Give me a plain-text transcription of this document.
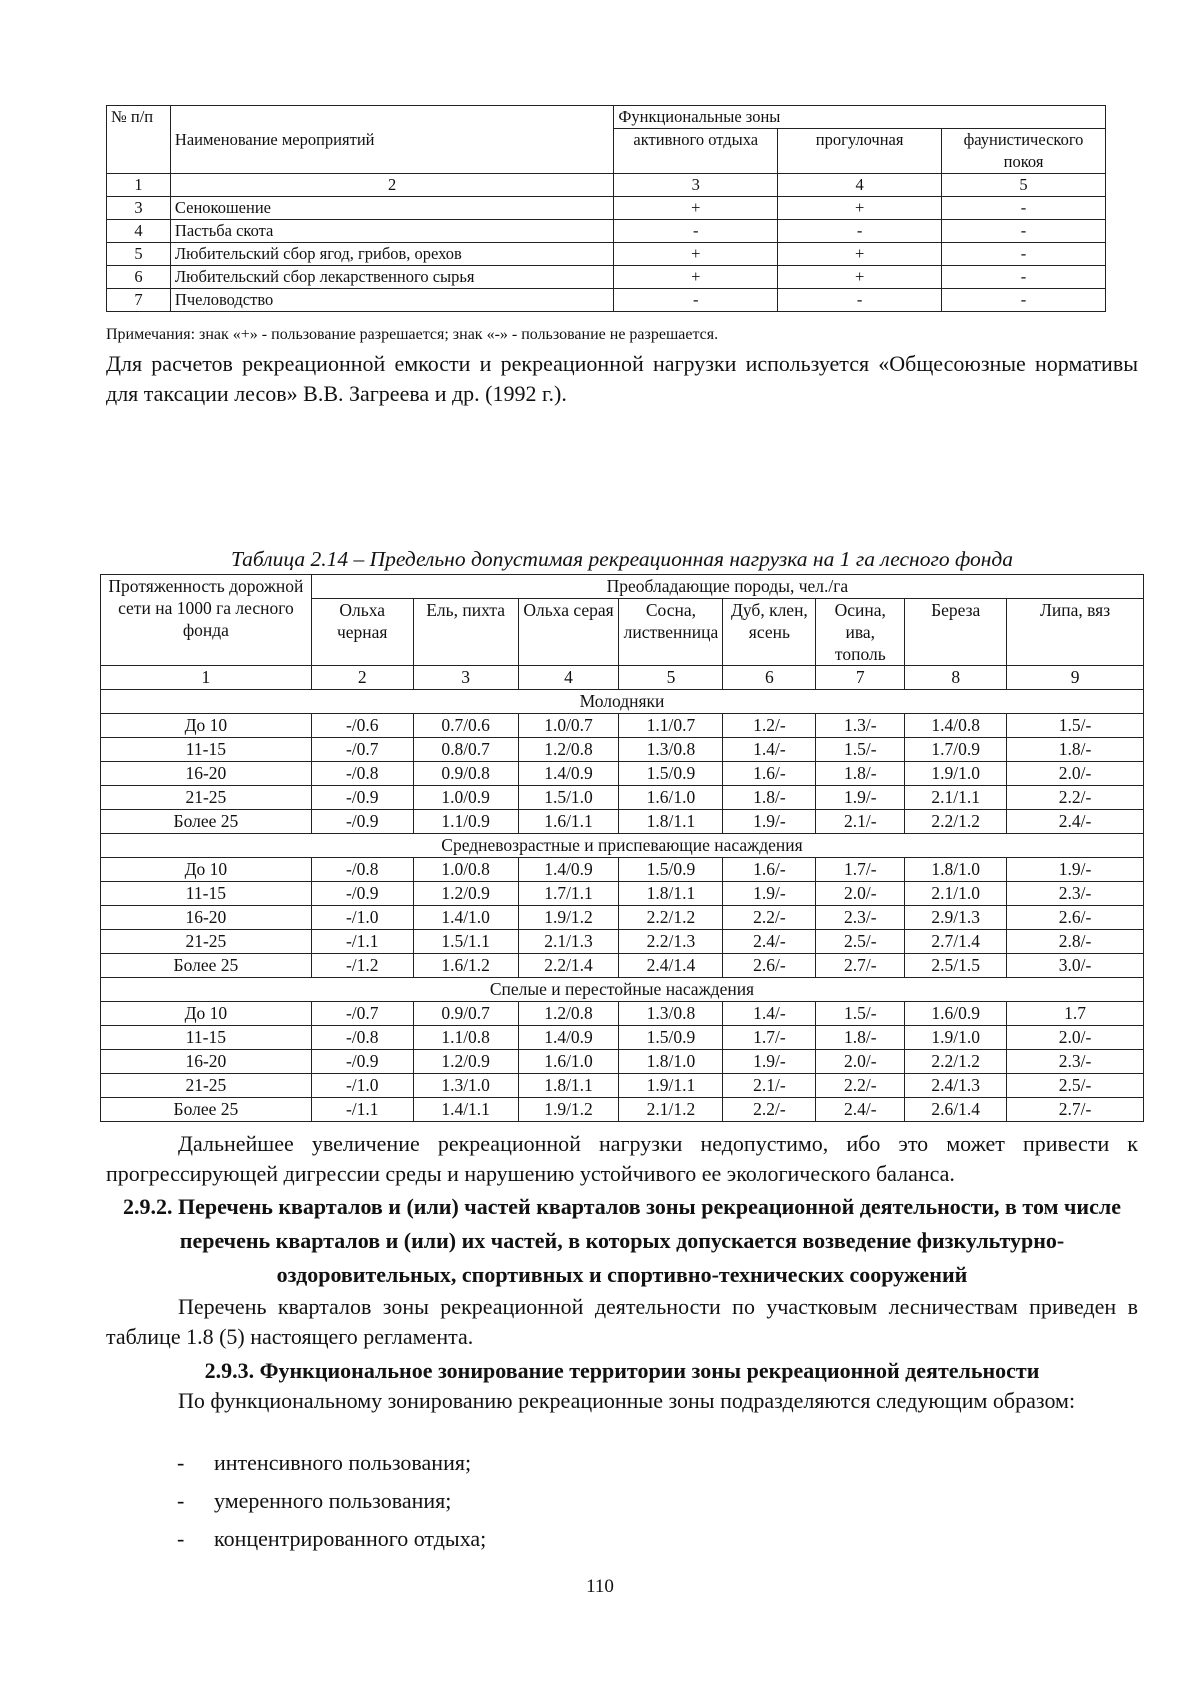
№ п/п	Наименование мероприятий	Функциональные зоны		
		активного отдыха	прогулочная	фаунистического покоя
1	2	3	4	5
3	Сенокошение	+	+	-
4	Пастьба скота	-	-	-
5	Любительский сбор ягод, грибов, орехов	+	+	-
6	Любительский сбор лекарственного сырья	+	+	-
7	Пчеловодство	-	-	-

Примечания: знак «+» - пользование разрешается; знак «-» - пользование не разрешается.

Для расчетов рекреационной емкости и рекреационной нагрузки используется «Общесоюзные нормативы для таксации лесов» В.В. Загреева и др. (1992 г.).

Таблица 2.14 – Предельно допустимая рекреационная нагрузка на 1 га лесного фонда

Протяженность дорожной сети на 1000 га лесного фонда	Преобладающие породы, чел./га							
	Ольха черная	Ель, пихта	Ольха серая	Сосна, лиственница	Дуб, клен, ясень	Осина, ива, тополь	Береза	Липа, вяз
1	2	3	4	5	6	7	8	9
Молодняки								
До 10	-/0.6	0.7/0.6	1.0/0.7	1.1/0.7	1.2/-	1.3/-	1.4/0.8	1.5/-
11-15	-/0.7	0.8/0.7	1.2/0.8	1.3/0.8	1.4/-	1.5/-	1.7/0.9	1.8/-
16-20	-/0.8	0.9/0.8	1.4/0.9	1.5/0.9	1.6/-	1.8/-	1.9/1.0	2.0/-
21-25	-/0.9	1.0/0.9	1.5/1.0	1.6/1.0	1.8/-	1.9/-	2.1/1.1	2.2/-
Более 25	-/0.9	1.1/0.9	1.6/1.1	1.8/1.1	1.9/-	2.1/-	2.2/1.2	2.4/-
Средневозрастные и приспевающие насаждения								
До 10	-/0.8	1.0/0.8	1.4/0.9	1.5/0.9	1.6/-	1.7/-	1.8/1.0	1.9/-
11-15	-/0.9	1.2/0.9	1.7/1.1	1.8/1.1	1.9/-	2.0/-	2.1/1.0	2.3/-
16-20	-/1.0	1.4/1.0	1.9/1.2	2.2/1.2	2.2/-	2.3/-	2.9/1.3	2.6/-
21-25	-/1.1	1.5/1.1	2.1/1.3	2.2/1.3	2.4/-	2.5/-	2.7/1.4	2.8/-
Более 25	-/1.2	1.6/1.2	2.2/1.4	2.4/1.4	2.6/-	2.7/-	2.5/1.5	3.0/-
Спелые и перестойные насаждения								
До 10	-/0.7	0.9/0.7	1.2/0.8	1.3/0.8	1.4/-	1.5/-	1.6/0.9	1.7
11-15	-/0.8	1.1/0.8	1.4/0.9	1.5/0.9	1.7/-	1.8/-	1.9/1.0	2.0/-
16-20	-/0.9	1.2/0.9	1.6/1.0	1.8/1.0	1.9/-	2.0/-	2.2/1.2	2.3/-
21-25	-/1.0	1.3/1.0	1.8/1.1	1.9/1.1	2.1/-	2.2/-	2.4/1.3	2.5/-
Более 25	-/1.1	1.4/1.1	1.9/1.2	2.1/1.2	2.2/-	2.4/-	2.6/1.4	2.7/-

Дальнейшее увеличение рекреационной нагрузки недопустимо, ибо это может привести к прогрессирующей дигрессии среды и нарушению устойчивого ее экологического баланса.

2.9.2. Перечень кварталов и (или) частей кварталов зоны рекреационной деятельности, в том числе перечень кварталов и (или) их частей, в которых допускается возведение физкультурно-оздоровительных, спортивных и спортивно-технических сооружений

Перечень кварталов зоны рекреационной деятельности по участковым лесничествам приведен в таблице 1.8 (5) настоящего регламента.

2.9.3. Функциональное зонирование территории зоны рекреационной деятельности

По функциональному зонированию рекреационные зоны подразделяются следующим образом:

- интенсивного пользования;
- умеренного пользования;
- концентрированного отдыха;

110
